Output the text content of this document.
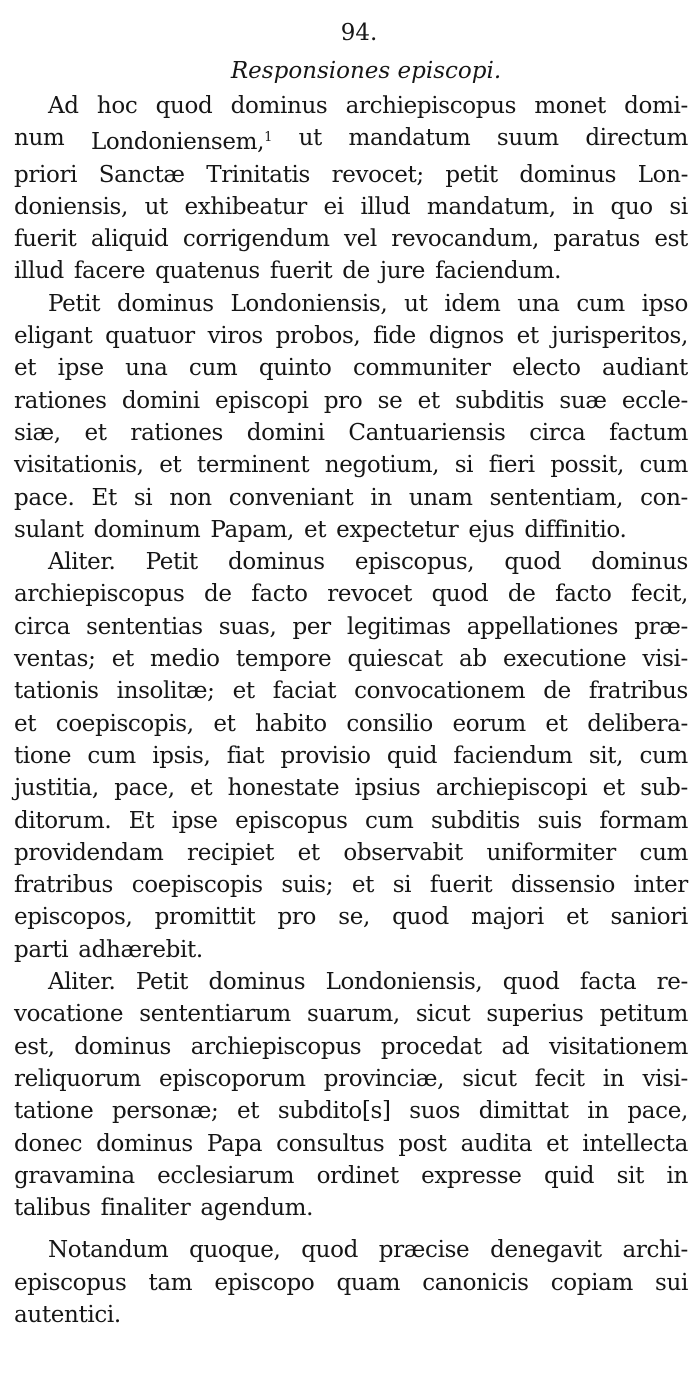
94.
Responsiones episcopi.
Ad hoc quod dominus archiepiscopus monet domi-
num Londoniensem,$^1$ ut mandatum suum directum
priori Sanctæ Trinitatis revocet; petit dominus Lon-
doniensis, ut exhibeatur ei illud mandatum, in quo si
fuerit aliquid corrigendum vel revocandum, paratus est
illud facere quatenus fuerit de jure faciendum.
Petit dominus Londoniensis, ut idem una cum ipso
eligant quatuor viros probos, fide dignos et jurisperitos,
et ipse una cum quinto communiter electo audiant
rationes domini episcopi pro se et subditis suæ eccle-
siæ, et rationes domini Cantuariensis circa factum
visitationis, et terminent negotium, si fieri possit, cum
pace. Et si non conveniant in unam sententiam, con-
sulant dominum Papam, et expectetur ejus diffinitio.
Aliter. Petit dominus episcopus, quod dominus
archiepiscopus de facto revocet quod de facto fecit,
circa sententias suas, per legitimas appellationes præ-
ventas; et medio tempore quiescat ab executione visi-
tationis insolitæ; et faciat convocationem de fratribus
et coepiscopis, et habito consilio eorum et delibera-
tione cum ipsis, fiat provisio quid faciendum sit, cum
justitia, pace, et honestate ipsius archiepiscopi et sub-
ditorum. Et ipse episcopus cum subditis suis formam
providendam recipiet et observabit uniformiter cum
fratribus coepiscopis suis; et si fuerit dissensio inter
episcopos, promittit pro se, quod majori et saniori
parti adhærebit.
Aliter. Petit dominus Londoniensis, quod facta re-
vocatione sententiarum suarum, sicut superius petitum
est, dominus archiepiscopus procedat ad visitationem
reliquorum episcoporum provinciæ, sicut fecit in visi-
tatione personæ; et subdito[s] suos dimittat in pace,
donec dominus Papa consultus post audita et intellecta
gravamina ecclesiarum ordinet expresse quid sit in
talibus finaliter agendum.
Notandum quoque, quod præcise denegavit archi-
episcopus tam episcopo quam canonicis copiam sui
autentici.
